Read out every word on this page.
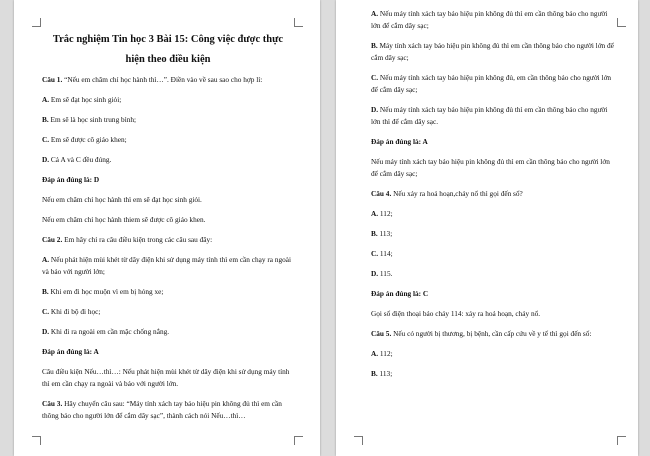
Trắc nghiệm Tin học 3 Bài 15: Công việc được thực hiện theo điều kiện
Câu 1. “Nếu em chăm chỉ học hành thì…”. Điền vào về sau sao cho hợp lí:
A. Em sẽ đạt học sinh giỏi;
B. Em sẽ là học sinh trung bình;
C. Em sẽ được cô giáo khen;
D. Cả A và C đều đúng.
Đáp án đúng là: D
Nếu em chăm chỉ học hành thì em sẽ đạt học sinh giỏi.
Nếu em chăm chỉ học hành thiem sẽ được cô giáo khen.
Câu 2. Em hãy chỉ ra câu điều kiện trong các câu sau đây:
A. Nếu phát hiện mùi khét từ dây điện khi sử dụng máy tính thì em cần chạy ra ngoài và báo với người lớn;
B. Khi em đi học muộn vì em bị hỏng xe;
C. Khi đi bộ đi học;
D. Khi đi ra ngoài em cần mặc chống nắng.
Đáp án đúng là: A
Câu điều kiện Nếu…thì…: Nếu phát hiện mùi khét từ dây điện khi sử dụng máy tính thì em cần chạy ra ngoài và báo với người lớn.
Câu 3. Hãy chuyển câu sau: “Máy tính xách tay báo hiệu pin không đủ thì em cần thông báo cho người lớn để cắm dây sạc”, thành cách nói Nếu…thì…
A. Nếu máy tính xách tay báo hiệu pin không đủ thì em cần thông báo cho người lớn để cắm dây sạc;
B. Máy tính xách tay báo hiệu pin không đủ thì em cần thông báo cho người lớn để cắm dây sạc;
C. Nếu máy tính xách tay báo hiệu pin không đủ, em cần thông báo cho người lớn để cắm dây sạc;
D. Nếu máy tính xách tay báo hiệu pin không đủ thì em cần thông báo cho người lớn thì để cắm dây sạc.
Đáp án đúng là: A
Nếu máy tính xách tay báo hiệu pin không đủ thì em cần thông báo cho người lớn để cắm dây sạc;
Câu 4. Nếu xảy ra hoả hoạn,cháy nổ thì gọi đến số?
A. 112;
B. 113;
C. 114;
D. 115.
Đáp án đúng là: C
Gọi số điện thoại báo cháy 114: xảy ra hoả hoạn, cháy nổ.
Câu 5. Nếu có người bị thương, bị bệnh, cần cấp cứu về y tế thì gọi đến số:
A. 112;
B. 113;
